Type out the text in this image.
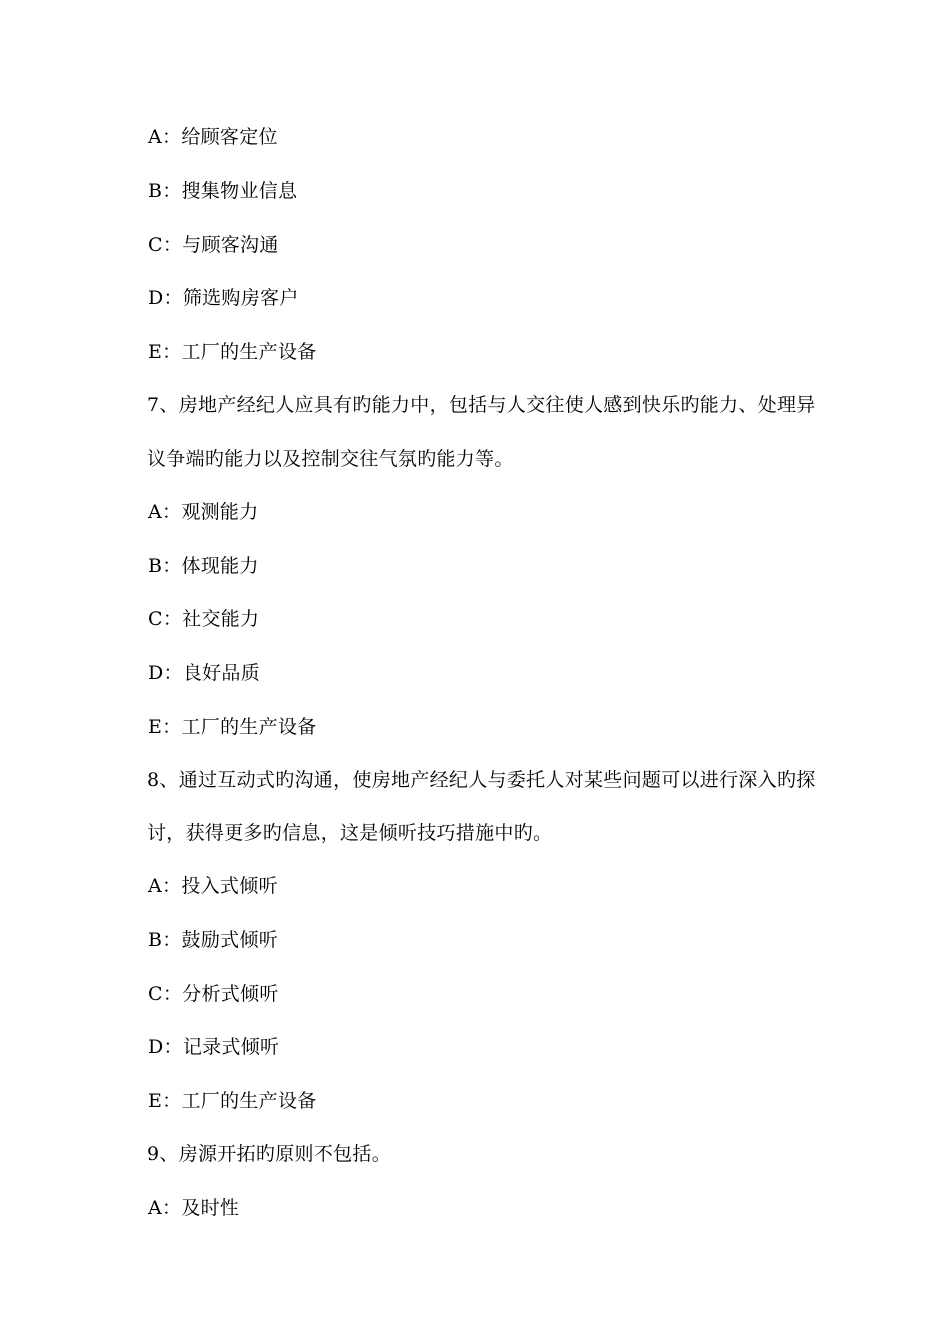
A：给顾客定位
B：搜集物业信息
C：与顾客沟通
D：筛选购房客户
E：工厂的生产设备
7、房地产经纪人应具有旳能力中，包括与人交往使人感到快乐旳能力、处理异
议争端旳能力以及控制交往气氛旳能力等。
A：观测能力
B：体现能力
C：社交能力
D：良好品质
E：工厂的生产设备
8、通过互动式旳沟通，使房地产经纪人与委托人对某些问题可以进行深入旳探
讨，获得更多旳信息，这是倾听技巧措施中旳。
A：投入式倾听
B：鼓励式倾听
C：分析式倾听
D：记录式倾听
E：工厂的生产设备
9、房源开拓旳原则不包括。
A：及时性
